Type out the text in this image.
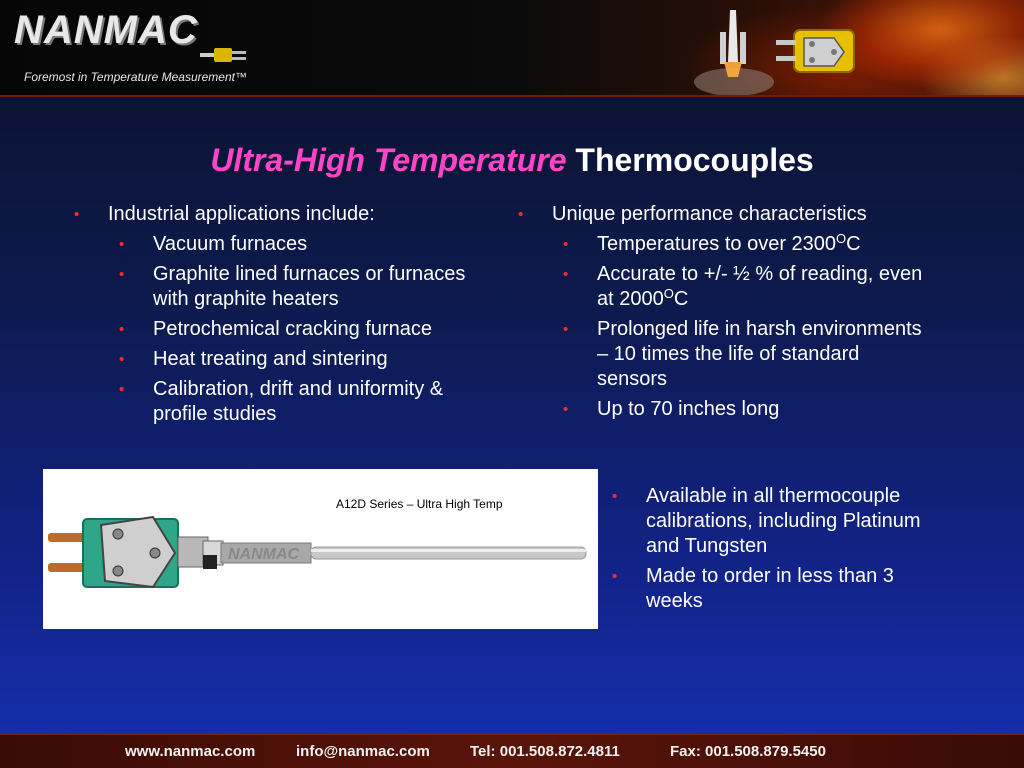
NANMAC
Foremost in Temperature Measurement™
Ultra-High Temperature Thermocouples
• Industrial applications include:
• Vacuum furnaces
• Graphite lined furnaces or furnaces with graphite heaters
• Petrochemical cracking furnace
• Heat treating and sintering
• Calibration, drift and uniformity & profile studies
• Unique performance characteristics
• Temperatures to over $2300^OC$
• Accurate to +/- ½ % of reading, even at $2000^OC$
• Prolonged life in harsh environments – 10 times the life of standard sensors
• Up to 70 inches long
NANMAC
A12D Series – Ultra High Temp
•	Available in all thermocouple calibrations, including Platinum and Tungsten
• Made to order in less than 3 weeks
www.nanmac.com	info@nanmac.com	Tel: 001.508.872.4811	Fax: 001.508.879.5450
